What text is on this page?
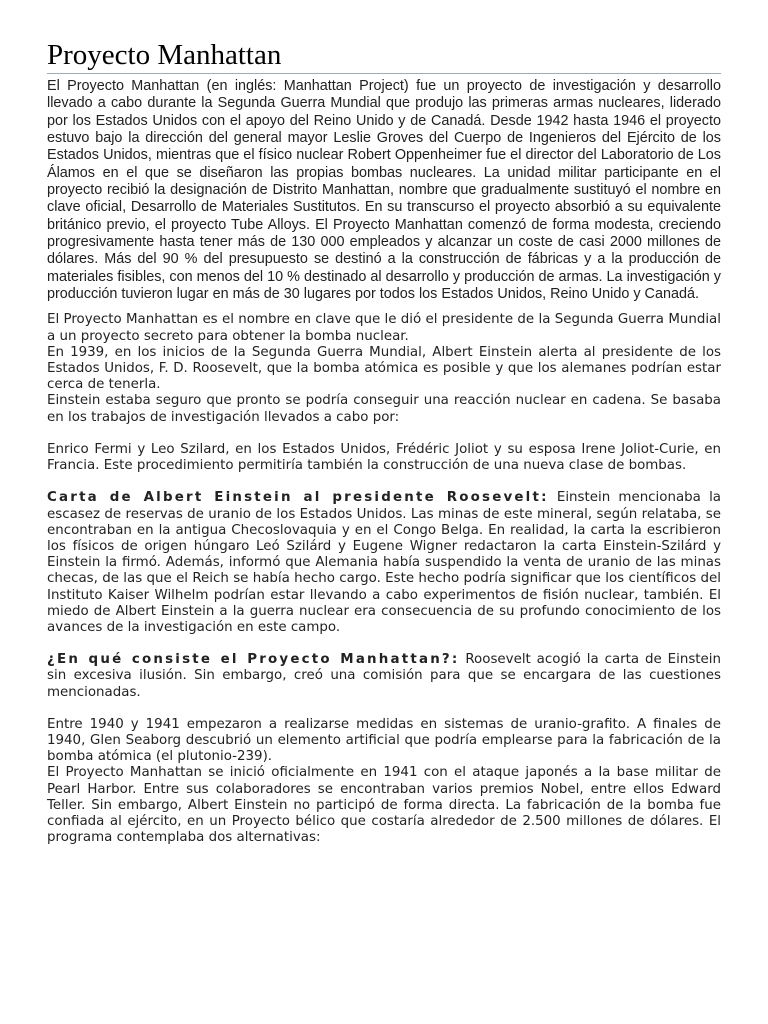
Proyecto Manhattan

El Proyecto Manhattan (en inglés: Manhattan Project) fue un proyecto de investigación y desarrollo llevado a cabo durante la Segunda Guerra Mundial que produjo las primeras armas nucleares, liderado por los Estados Unidos con el apoyo del Reino Unido y de Canadá. Desde 1942 hasta 1946 el proyecto estuvo bajo la dirección del general mayor Leslie Groves del Cuerpo de Ingenieros del Ejército de los Estados Unidos, mientras que el físico nuclear Robert Oppenheimer fue el director del Laboratorio de Los Álamos en el que se diseñaron las propias bombas nucleares. La unidad militar participante en el proyecto recibió la designación de Distrito Manhattan, nombre que gradualmente sustituyó el nombre en clave oficial, Desarrollo de Materiales Sustitutos. En su transcurso el proyecto absorbió a su equivalente británico previo, el proyecto Tube Alloys. El Proyecto Manhattan comenzó de forma modesta, creciendo progresivamente hasta tener más de 130 000 empleados y alcanzar un coste de casi 2000 millones de dólares. Más del 90 % del presupuesto se destinó a la construcción de fábricas y a la producción de materiales fisibles, con menos del 10 % destinado al desarrollo y producción de armas. La investigación y producción tuvieron lugar en más de 30 lugares por todos los Estados Unidos, Reino Unido y Canadá.

El Proyecto Manhattan es el nombre en clave que le dió el presidente de la Segunda Guerra Mundial a un proyecto secreto para obtener la bomba nuclear.

En 1939, en los inicios de la Segunda Guerra Mundial, Albert Einstein alerta al presidente de los Estados Unidos, F. D. Roosevelt, que la bomba atómica es posible y que los alemanes podrían estar cerca de tenerla.

Einstein estaba seguro que pronto se podría conseguir una reacción nuclear en cadena. Se basaba en los trabajos de investigación llevados a cabo por:

Enrico Fermi y Leo Szilard, en los Estados Unidos, Frédéric Joliot y su esposa Irene Joliot-Curie, en Francia. Este procedimiento permitiría también la construcción de una nueva clase de bombas.

Carta de Albert Einstein al presidente Roosevelt: Einstein mencionaba la escasez de reservas de uranio de los Estados Unidos. Las minas de este mineral, según relataba, se encontraban en la antigua Checoslovaquia y en el Congo Belga. En realidad, la carta la escribieron los físicos de origen húngaro Leó Szilárd y Eugene Wigner redactaron la carta Einstein-Szilárd y Einstein la firmó. Además, informó que Alemania había suspendido la venta de uranio de las minas checas, de las que el Reich se había hecho cargo. Este hecho podría significar que los científicos del Instituto Kaiser Wilhelm podrían estar llevando a cabo experimentos de fisión nuclear, también. El miedo de Albert Einstein a la guerra nuclear era consecuencia de su profundo conocimiento de los avances de la investigación en este campo.

¿En qué consiste el Proyecto Manhattan?: Roosevelt acogió la carta de Einstein sin excesiva ilusión. Sin embargo, creó una comisión para que se encargara de las cuestiones mencionadas.

Entre 1940 y 1941 empezaron a realizarse medidas en sistemas de uranio-grafito. A finales de 1940, Glen Seaborg descubrió un elemento artificial que podría emplearse para la fabricación de la bomba atómica (el plutonio-239).

El Proyecto Manhattan se inició oficialmente en 1941 con el ataque japonés a la base militar de Pearl Harbor. Entre sus colaboradores se encontraban varios premios Nobel, entre ellos Edward Teller. Sin embargo, Albert Einstein no participó de forma directa. La fabricación de la bomba fue confiada al ejército, en un Proyecto bélico que costaría alrededor de 2.500 millones de dólares. El programa contemplaba dos alternativas:
